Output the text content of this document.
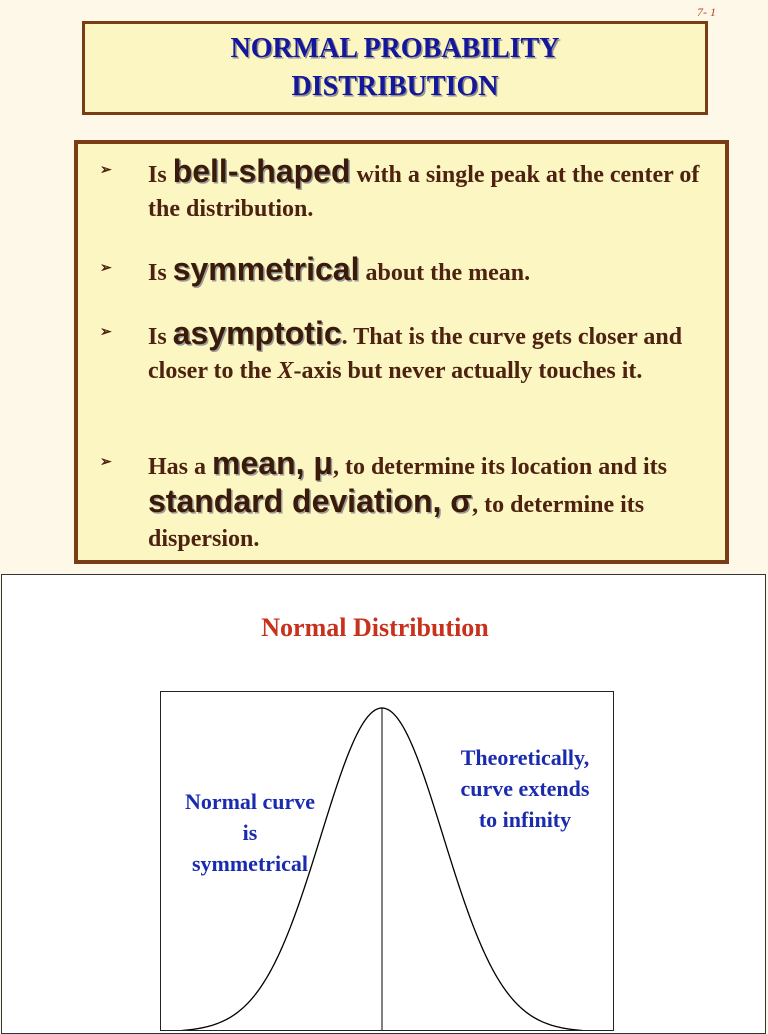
7- 1
NORMAL PROBABILITY
DISTRIBUTION
➢ Is bell-shaped with a single peak at the center of the distribution.
➢ Is symmetrical about the mean.
➢ Is asymptotic. That is the curve gets closer and closer to the X-axis but never actually touches it.
➢ Has a mean, μ, to determine its location and its standard deviation, σ, to determine its dispersion.
Normal Distribution
Normal curve
is
symmetrical
Theoretically,
curve extends
to infinity
